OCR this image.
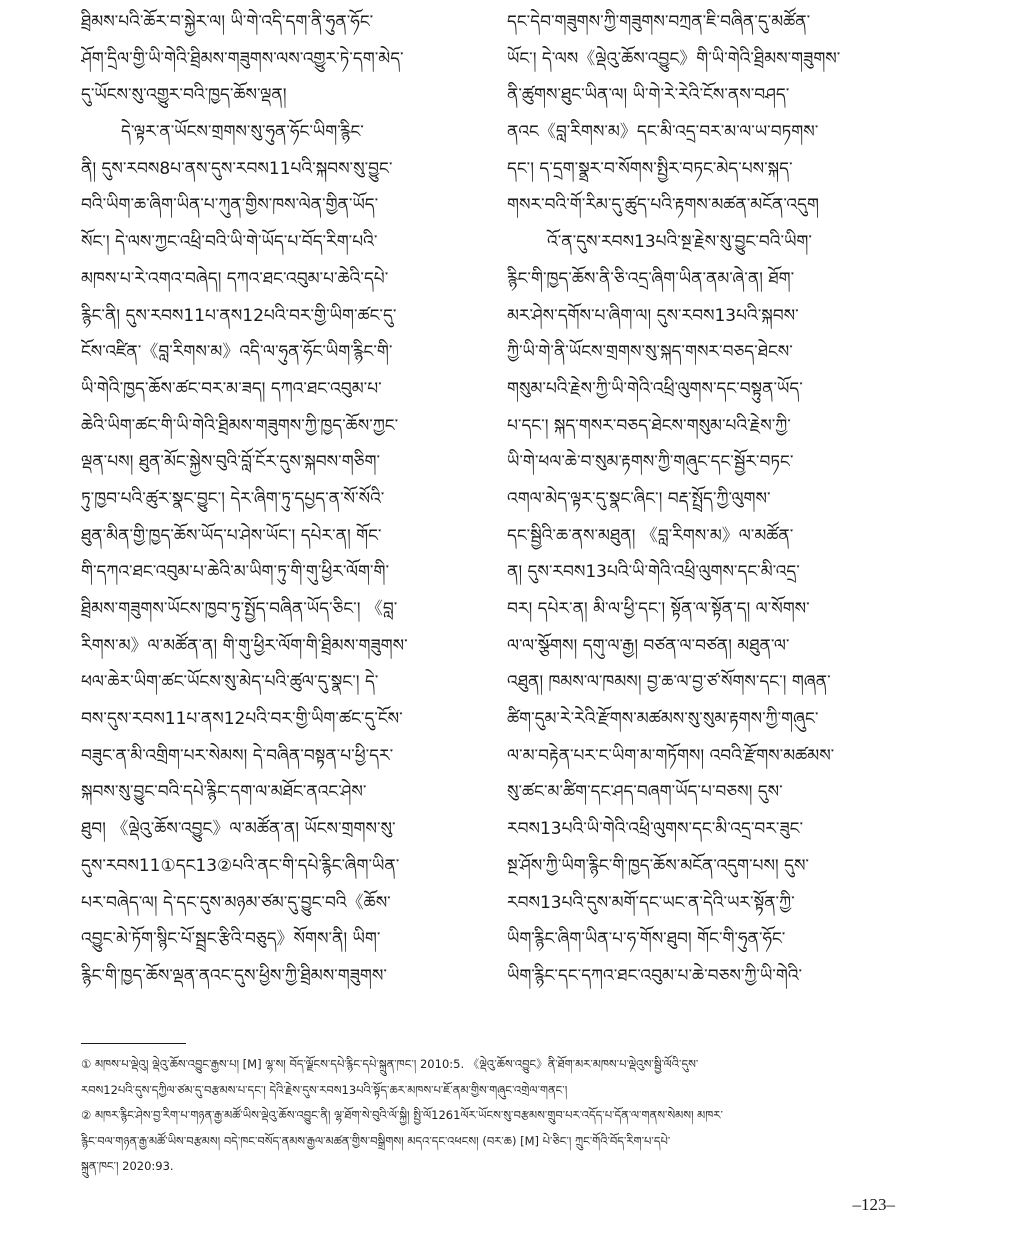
ཐྲིམས་པའི་ཆོར་བ་སྐྱེར་ལ། ཡི་གེ་འདི་དག་ནི་ཧུན་ཧོང་
ཤོག་དྲིལ་གྱི་ཡི་གེའི་ཐྲིམས་གཟུགས་ལས་འགྱུར་ཏེ་དག་མེད་
དུ་ཡོངས་སུ་འགྱུར་བའི་ཁྱད་ཆོས་ལྡན།
དེ་ལྟར་ན་ཡོངས་གྲགས་སུ་ཧུན་ཧོང་ཡིག་རྙིང་
ནི། དུས་རབས8པ་ནས་དུས་རབས11པའི་སྐབས་སུ་བྱུང་
བའི་ཡིག་ཆ་ཞིག་ཡིན་པ་ཀུན་གྱིས་ཁས་ལེན་གྱིན་ཡོད་
སོང་། དེ་ལས་ཀྱང་འཕྲི་བའི་ཡི་གེ་ཡོད་པ་བོད་རིག་པའི་
མཁས་པ་རེ་འགའ་བཞེད། དཀའ་ཐང་འབུམ་པ་ཆེའི་དཔེ་
རྙིང་ནི། དུས་རབས11པ་ནས12པའི་བར་གྱི་ཡིག་ཚང་དུ་
ངོས་འཛིན་《བླ་རིགས་མ》འདི་ལ་ཧུན་ཧོང་ཡིག་རྙིང་གི་
ཡི་གེའི་ཁྱད་ཆོས་ཚང་བར་མ་ཟད། དཀའ་ཐང་འབུམ་པ་
ཆེའི་ཡིག་ཚང་གི་ཡི་གེའི་ཐྲིམས་གཟུགས་ཀྱི་ཁྱད་ཆོས་ཀྱང་
ལྡན་པས། ཐུན་མོང་སྐྱེས་བུའི་བློ་ངོར་དུས་སྐབས་གཅིག་
ཏུ་ཁྱབ་པའི་ཚུར་སྣང་བྱུང་། དེར་ཞིག་ཏུ་དཔྱད་ན་སོ་སོའི་
ཐུན་མིན་གྱི་ཁྱད་ཆོས་ཡོད་པ་ཤེས་ཡོང་། དཔེར་ན། གོང་
གི་དཀའ་ཐང་འབུམ་པ་ཆེའི་མ་ཡིག་ཏུ་གི་གུ་ཕྱིར་ལོག་གི་
ཐྲིམས་གཟུགས་ཡོངས་ཁྱབ་ཏུ་སྤྱོད་བཞིན་ཡོད་ཅིང་། 《བླ་
རིགས་མ》ལ་མཚོན་ན། གི་གུ་ཕྱིར་ལོག་གི་ཐྲིམས་གཟུགས་
ཕལ་ཆེར་ཡིག་ཚང་ཡོངས་སུ་མེད་པའི་ཚུལ་དུ་སྣང་། དེ་
བས་དུས་རབས11པ་ནས12པའི་བར་གྱི་ཡིག་ཚང་དུ་ངོས་
བཟུང་ན་མི་འགྲིག་པར་སེམས། དེ་བཞིན་བསྟན་པ་ཕྱི་དར་
སྐབས་སུ་བྱུང་བའི་དཔེ་རྙིང་དག་ལ་མཐོང་ནའང་ཤེས་
ཐུབ། 《ལྡེའུ་ཆོས་འབྱུང》ལ་མཚོན་ན། ཡོངས་གྲགས་སུ་
དུས་རབས11①དང13②པའི་ནང་གི་དཔེ་རྙིང་ཞིག་ཡིན་
པར་བཞེད་ལ། དེ་དང་དུས་མཉམ་ཙམ་དུ་བྱུང་བའི《ཆོས་
འབྱུང་མེ་ཏོག་སྙིང་པོ་སྦྲང་རྩིའི་བཅུད》སོགས་ནི། ཡིག་
རྙིང་གི་ཁྱད་ཆོས་ལྡན་ནའང་དུས་ཕྱིས་ཀྱི་ཐྲིམས་གཟུགས་
དང་དེབ་གཟུགས་ཀྱི་གཟུགས་བཀྲན་ཇི་བཞིན་དུ་མཚོན་
ཡོང་། དེ་ལས《ལྡེའུ་ཆོས་འབྱུང》གི་ཡི་གེའི་ཐྲིམས་གཟུགས་
ནི་ཚུགས་ཐུང་ཡིན་ལ། ཡི་གེ་རེ་རེའི་ངོས་ནས་བཤད་
ནའང《བླ་རིགས་མ》དང་མི་འདྲ་བར་མ་ལ་ཡ་བཏགས་
དང་། ད་དྲག་སྣྲར་བ་སོགས་སྤྱིར་བཏང་མེད་པས་སྐད་
གསར་བའི་གོ་རིམ་དུ་ཚུད་པའི་རྟགས་མཚན་མངོན་འདུག
འོ་ན་དུས་རབས13པའི་སྔ་རྗེས་སུ་བྱུང་བའི་ཡིག་
རྙིང་གི་ཁྱད་ཆོས་ནི་ཅི་འདྲ་ཞིག་ཡིན་ནམ་ཞེ་ན། ཐོག་
མར་ཤེས་དགོས་པ་ཞིག་ལ། དུས་རབས13པའི་སྐབས་
ཀྱི་ཡི་གེ་ནི་ཡོངས་གྲགས་སུ་སྐད་གསར་བཅད་ཐེངས་
གསུམ་པའི་རྗེས་ཀྱི་ཡི་གེའི་འཕྲི་ལུགས་དང་བསྟུན་ཡོད་
པ་དང་། སྐད་གསར་བཅད་ཐེངས་གསུམ་པའི་རྗེས་ཀྱི་
ཡི་གེ་ཕལ་ཆེ་བ་སུམ་རྟགས་ཀྱི་གཞུང་དང་སྦྱོར་བཏང་
འགལ་མེད་ལྟར་དུ་སྣང་ཞིང་། བརྡ་སྤྲོད་ཀྱི་ལུགས་
དང་སྦྱིའི་ཆ་ནས་མཐུན། 《བླ་རིགས་མ》ལ་མཚོན་
ན། དུས་རབས13པའི་ཡི་གེའི་འཕྲི་ལུགས་དང་མི་འདྲ་
བར། དཔེར་ན། མི་ལ་ཕྱི་དང་། སྟོན་ལ་སྟོན་ད། ལ་སོགས་
ལ་ལ་སྩོགས། དགུ་ལ་རྒྱ། བཙན་ལ་བཙན། མཐུན་ལ་
འཐུན། ཁམས་ལ་ཁམས། བྱ་ཆ་ལ་བྱ་ཙ་སོགས་དང་། གཞན་
ཚིག་དུམ་རེ་རེའི་རྫོགས་མཚམས་སུ་སུམ་རྟགས་ཀྱི་གཞུང་
ལ་མ་བརྟེན་པར་ང་ཡིག་མ་གཏོགས། འབའི་རྫོགས་མཚམས་
སུ་ཚང་མ་ཚིག་དང་ཤད་བཞག་ཡོད་པ་བཅས། དུས་
རབས13པའི་ཡི་གེའི་འཕྲི་ལུགས་དང་མི་འདྲ་བར་ཟུང་
སྔ་ཤོས་ཀྱི་ཡིག་རྙིང་གི་ཁྱད་ཆོས་མངོན་འདུག་པས། དུས་
རབས13པའི་དུས་མགོ་དང་ཡང་ན་དེའི་ཡར་སྟོན་ཀྱི་
ཡིག་རྙིང་ཞིག་ཡིན་པ་ཧ་གོས་ཐུབ། གོང་གི་ཧུན་ཧོང་
ཡིག་རྙིང་དང་དཀའ་ཐང་འབུམ་པ་ཆེ་བཅས་ཀྱི་ཡི་གེའི་
① མཁས་པ་ལྡེའུ། ལྡེའུ་ཆོས་འབྱུང་རྒྱས་པ། [M] ལྷ་ས། བོད་ལྗོངས་དཔེ་རྙིང་དཔེ་སྐྲུན་ཁང་། 2010:5. 《ལྡེའུ་ཆོས་འབྱུང》ནི་ཐོག་མར་མཁས་པ་ལྡེའུས་སྦྱི་ལོའི་དུས་
རབས12པའི་དུས་དཀྱིལ་ཙམ་དུ་བརྩམས་པ་དང་། དེའི་རྗེས་དུས་རབས13པའི་སྟོད་ཆར་མཁས་པ་ཇོ་ནམ་གྱིས་གཞུང་འགྲེལ་གནང་།
② མཁར་རྙིང་ཤེས་བྱ་རིག་པ་གཉན་རྒྱ་མཚོ་ཡིས་ལྡེའུ་ཆོས་འབྱུང་ནི། ལྷ་ཐོག་སེ་བུའི་ལོ་སྐྱི། སྤྱི་ལོ1261ལོར་ཡོངས་སུ་བརྩམས་གྲུབ་པར་འདོད་པ་དོན་ལ་གནས་སེམས། མཁར་
རྙིང་བལ་གཉན་རྒྱ་མཚོ་ཡིས་བརྩམས། བདེ་ཁང་བསོད་ནམས་རྒྱལ་མཚན་གྱིས་བསྒྲིགས། མདའ་དང་འཕངས། (བར་ཆ) [M] པེ་ཅིང་། ཀྲུང་གོའི་བོད་རིག་པ་དཔེ་
སྐྲུན་ཁང་། 2020:93.
–123–
